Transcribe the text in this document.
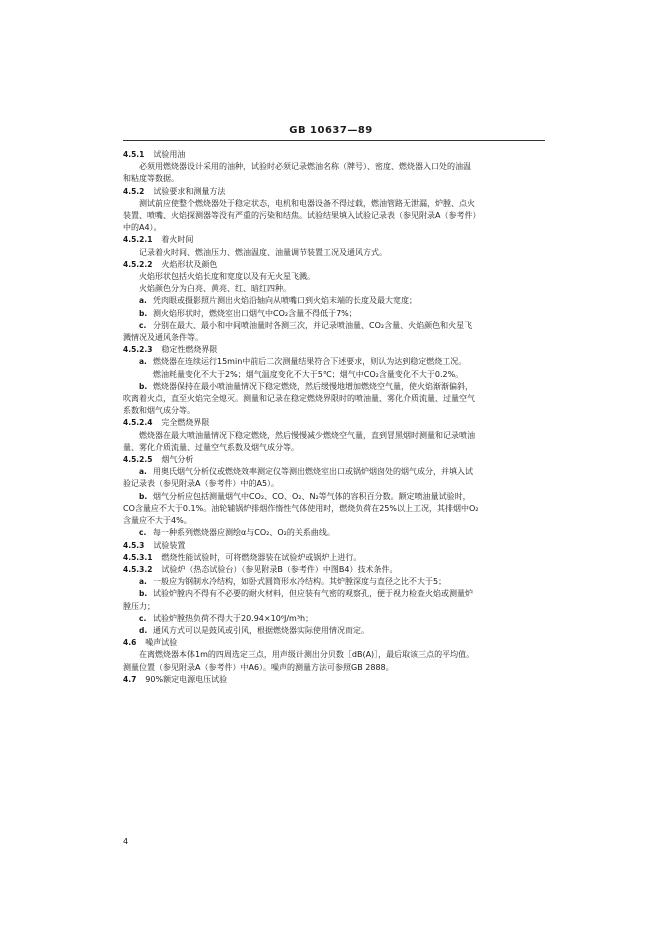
GB 10637—89
4.5.1 试验用油
必须用燃烧器设计采用的油种，试验时必须记录燃油名称（牌号）、密度、燃烧器入口处的油温
和粘度等数据。
4.5.2 试验要求和测量方法
测试前应使整个燃烧器处于稳定状态，电机和电器设备不得过载，燃油管路无泄漏，炉膛、点火
装置、喷嘴、火焰探测器等没有严重的污染和结焦。试验结果填入试验记录表（参见附录A（参考件）
中的A4）。
4.5.2.1 着火时间
记录着火时间、燃油压力、燃油温度、油量调节装置工况及通风方式。
4.5.2.2 火焰形状及颜色
火焰形状包括火焰长度和宽度以及有无火星飞溅。
火焰颜色分为白亮、黄亮、红、暗红四种。
a. 凭肉眼或摄影照片测出火焰沿轴向从喷嘴口到火焰末端的长度及最大宽度；
b. 测火焰形状时，燃烧室出口烟气中CO₂含量不得低于7%；
c. 分别在最大、最小和中间喷油量时各测三次，并记录喷油量、CO₂含量、火焰颜色和火星飞
溅情况及通风条件等。
4.5.2.3 稳定性燃烧界限
a. 燃烧器在连续运行15min中前后二次测量结果符合下述要求，则认为达到稳定燃烧工况。
燃油耗量变化不大于2%；烟气温度变化不大于5℃；烟气中CO₂含量变化不大于0.2%。
b. 燃烧器保持在最小喷油量情况下稳定燃烧，然后缓慢地增加燃烧空气量，使火焰渐渐偏斜，
吹离着火点，直至火焰完全熄灭。测量和记录在稳定燃烧界限时的喷油量、雾化介质流量、过量空气
系数和烟气成分等。
4.5.2.4 完全燃烧界限
燃烧器在最大喷油量情况下稳定燃烧，然后慢慢减少燃烧空气量，直到冒黑烟时测量和记录喷油
量、雾化介质流量、过量空气系数及烟气成分等。
4.5.2.5 烟气分析
a. 用奥氏烟气分析仪或燃烧效率测定仪等测出燃烧室出口或锅炉烟囱处的烟气成分，并填入试
验记录表（参见附录A（参考件）中的A5）。
b. 烟气分析应包括测量烟气中CO₂、CO、O₂、N₂等气体的容积百分数。额定喷油量试验时，
CO含量应不大于0.1%。油轮辅锅炉排烟作惰性气体使用时，燃烧负荷在25%以上工况，其排烟中O₂
含量应不大于4%。
c. 每一种系列燃烧器应测绘α与CO₂、O₂的关系曲线。
4.5.3 试验装置
4.5.3.1 燃烧性能试验时，可将燃烧器装在试验炉或锅炉上进行。
4.5.3.2 试验炉（热态试验台）（参见附录B（参考件）中图B4）技术条件。
a. 一般应为钢制水冷结构，如卧式圆筒形水冷结构。其炉膛深度与直径之比不大于5；
b. 试验炉膛内不得有不必要的耐火材料，但应装有气密的观察孔，便于视力检查火焰或测量炉
膛压力；
c. 试验炉膛热负荷不得大于20.94×10⁶J/m³h；
d. 通风方式可以是鼓风或引风，根据燃烧器实际使用情况而定。
4.6 噪声试验
在离燃烧器本体1m的四周选定三点，用声级计测出分贝数［dB(A)］，最后取该三点的平均值。
测量位置（参见附录A（参考件）中A6）。噪声的测量方法可参照GB 2888。
4.7 90%额定电源电压试验
4
